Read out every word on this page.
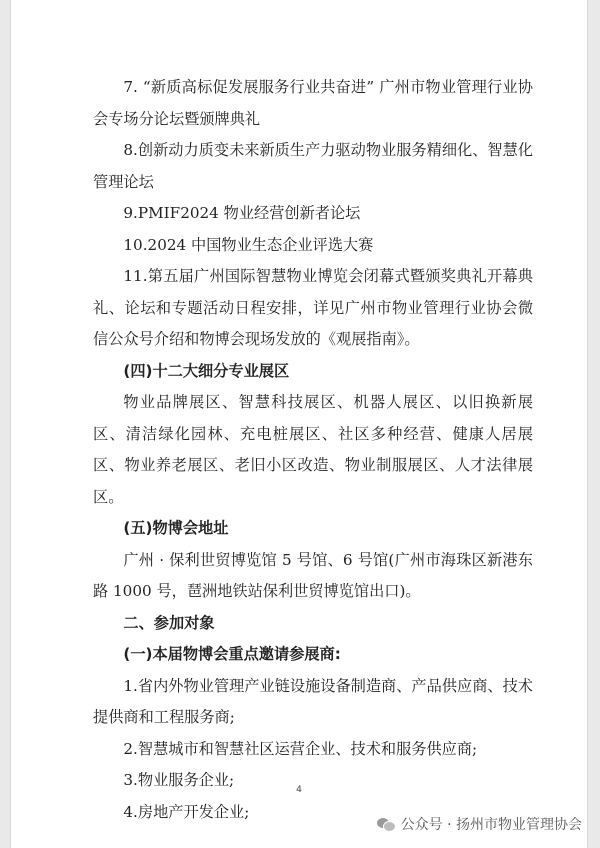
7. “新质高标促发展服务行业共奋进” 广州市物业管理行业协会专场分论坛暨颁牌典礼

8.创新动力质变未来新质生产力驱动物业服务精细化、智慧化管理论坛

9.PMIF2024 物业经营创新者论坛

10.2024 中国物业生态企业评选大赛

11.第五届广州国际智慧物业博览会闭幕式暨颁奖典礼开幕典礼、论坛和专题活动日程安排，详见广州市物业管理行业协会微信公众号介绍和物博会现场发放的《观展指南》。

(四)十二大细分专业展区

物业品牌展区、智慧科技展区、机器人展区、以旧换新展区、清洁绿化园林、充电桩展区、社区多种经营、健康人居展区、物业养老展区、老旧小区改造、物业制服展区、人才法律展区。

(五)物博会地址

广州 · 保利世贸博览馆 5 号馆、6 号馆(广州市海珠区新港东路 1000 号，琶洲地铁站保利世贸博览馆出口)。

二、参加对象

(一)本届物博会重点邀请参展商:

1.省内外物业管理产业链设施设备制造商、产品供应商、技术提供商和工程服务商;

2.智慧城市和智慧社区运营企业、技术和服务供应商;

3.物业服务企业;

4.房地产开发企业;

4
公众号 · 扬州市物业管理协会
